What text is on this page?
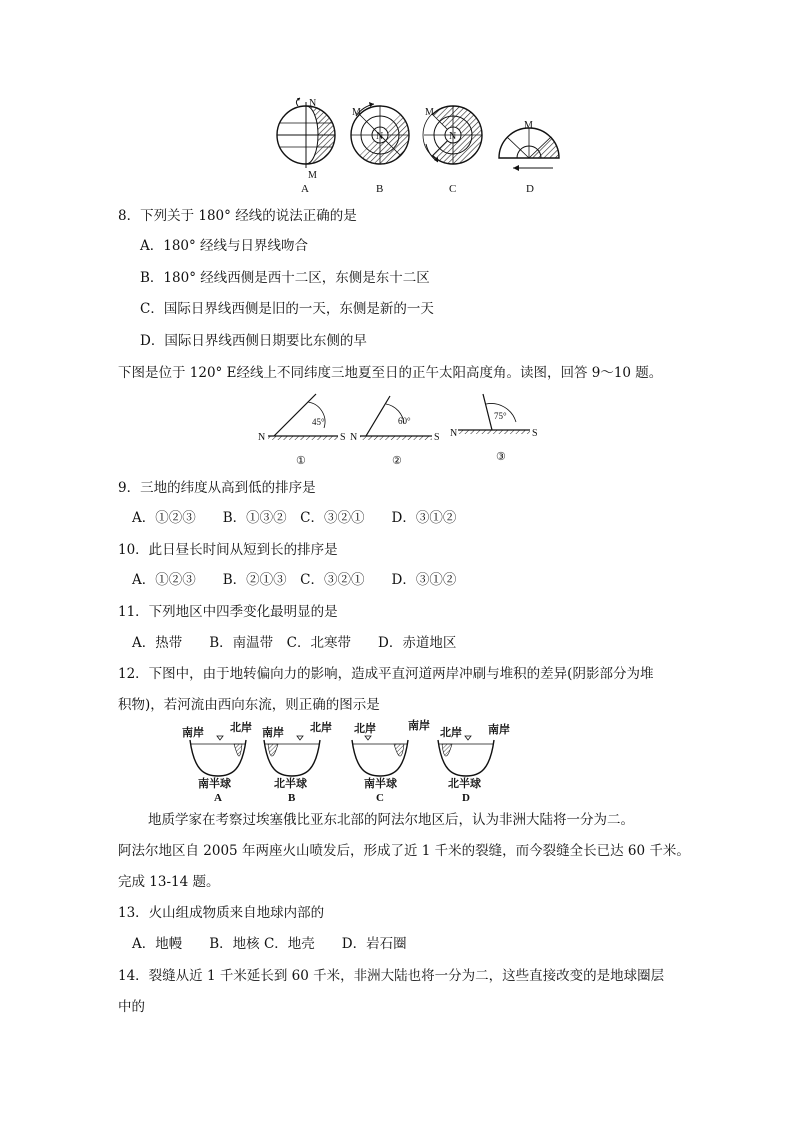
N
M
A
N
M
B
N
M
C
M
D
8．下列关于 180° 经线的说法正确的是
A．180° 经线与日界线吻合
B．180° 经线西侧是西十二区，东侧是东十二区
C．国际日界线西侧是旧的一天，东侧是新的一天
D．国际日界线西侧日期要比东侧的早
下图是位于 120° E经线上不同纬度三地夏至日的正午太阳高度角。读图，回答 9～10 题。
45°
N	S
①
60°
N	S
②
75°
N	S
③
9．三地的纬度从高到低的排序是
A．①②③　　B．①③②　C．③②①　　D．③①②
10．此日昼长时间从短到长的排序是
A．①②③　　B．②①③　C．③②①　　D．③①②
11．下列地区中四季变化最明显的是
A．热带　　B．南温带　C．北寒带　　D．赤道地区
12．下图中，由于地转偏向力的影响，造成平直河道两岸冲刷与堆积的差异(阴影部分为堆
积物)，若河流由西向东流，则正确的图示是
南岸 北岸
南半球
A
南岸 北岸
北半球
B
北岸	南岸
南半球
C
北岸 南岸
北半球
D
地质学家在考察过埃塞俄比亚东北部的阿法尔地区后，认为非洲大陆将一分为二。
阿法尔地区自 2005 年两座火山喷发后，形成了近 1 千米的裂缝，而今裂缝全长已达 60 千米。
完成 13-14 题。
13．火山组成物质来自地球内部的
A．地幔　　B．地核 C．地壳　　D．岩石圈
14．裂缝从近 1 千米延长到 60 千米，非洲大陆也将一分为二，这些直接改变的是地球圈层
中的
